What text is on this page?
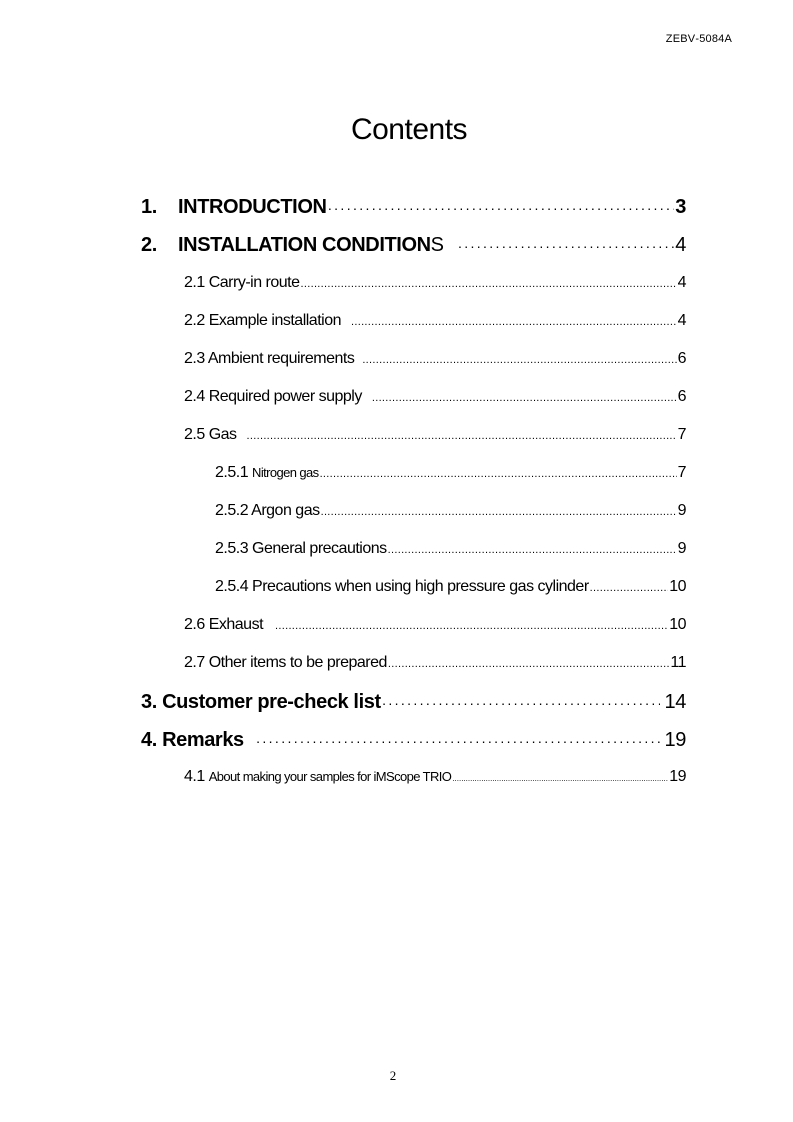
ZEBV‑5084A
Contents
1. INTRODUCTION ·····	3
2. INSTALLATION CONDITIONS ·····	4
2.1 Carry-in route .....	4
2.2 Example installation .....	4
2.3 Ambient requirements .....	6
2.4 Required power supply .....	6
2.5 Gas .....	7
2.5.1 Nitrogen gas .....	7
2.5.2 Argon gas .....	9
2.5.3 General precautions .....	9
2.5.4 Precautions when using high pressure gas cylinder .....	10
2.6 Exhaust .....	10
2.7 Other items to be prepared .....	11
3. Customer pre-check list ·····	14
4. Remarks ·····	19
4.1 About making your samples for iMScope TRIO .....	19
2
